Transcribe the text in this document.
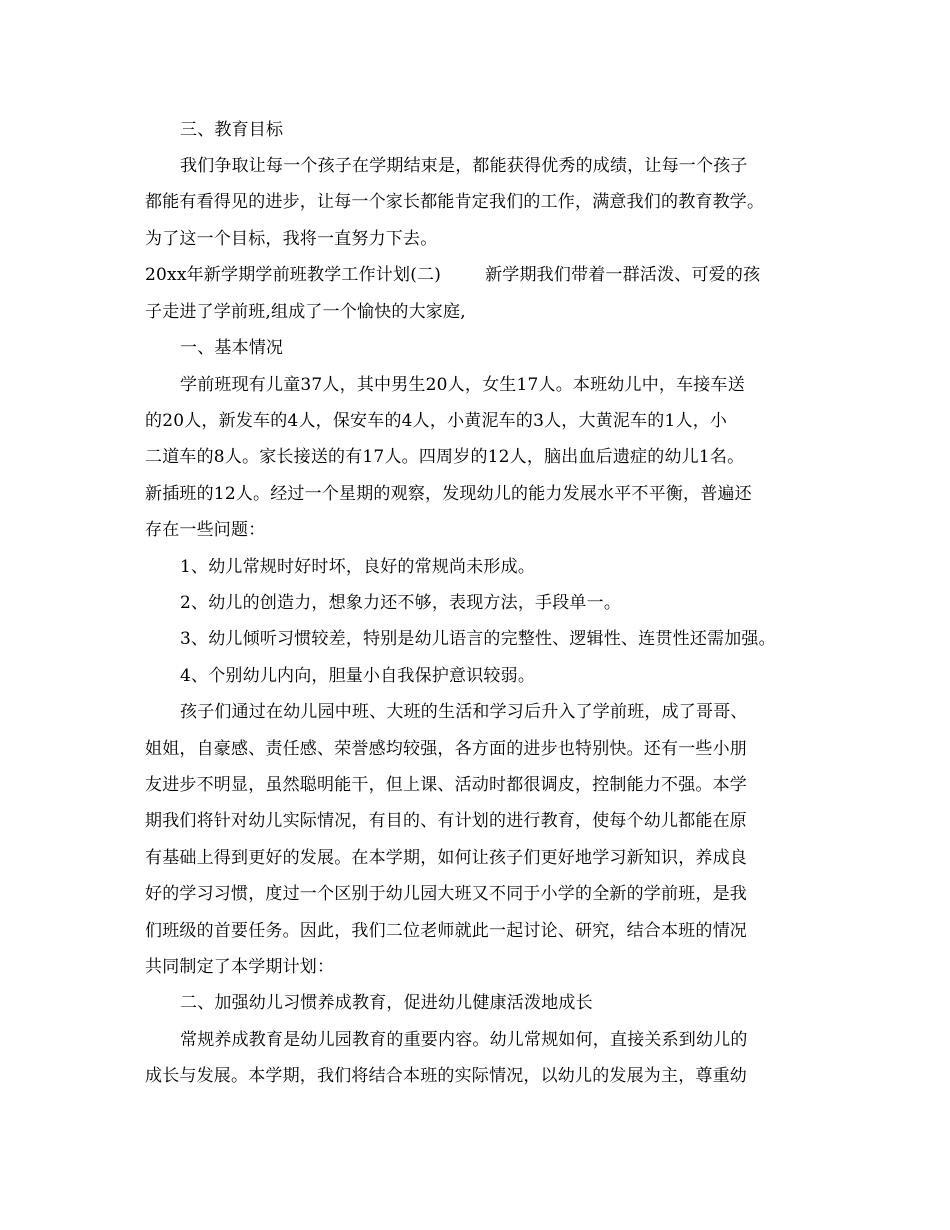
三、教育目标
我们争取让每一个孩子在学期结束是，都能获得优秀的成绩，让每一个孩子
都能有看得见的进步，让每一个家长都能肯定我们的工作，满意我们的教育教学。
为了这一个目标，我将一直努力下去。
20xx年新学期学前班教学工作计划(二)	新学期我们带着一群活泼、可爱的孩
子走进了学前班,组成了一个愉快的大家庭,
一、基本情况
学前班现有儿童37人，其中男生20人，女生17人。本班幼儿中，车接车送
的20人，新发车的4人，保安车的4人，小黄泥车的3人，大黄泥车的1人，小
二道车的8人。家长接送的有17人。四周岁的12人，脑出血后遗症的幼儿1名。
新插班的12人。经过一个星期的观察，发现幼儿的能力发展水平不平衡，普遍还
存在一些问题：
1、幼儿常规时好时坏，良好的常规尚未形成。
2、幼儿的创造力，想象力还不够，表现方法，手段单一。
3、幼儿倾听习惯较差，特别是幼儿语言的完整性、逻辑性、连贯性还需加强。
4、个别幼儿内向，胆量小自我保护意识较弱。
孩子们通过在幼儿园中班、大班的生活和学习后升入了学前班，成了哥哥、
姐姐，自豪感、责任感、荣誉感均较强，各方面的进步也特别快。还有一些小朋
友进步不明显，虽然聪明能干，但上课、活动时都很调皮，控制能力不强。本学
期我们将针对幼儿实际情况，有目的、有计划的进行教育，使每个幼儿都能在原
有基础上得到更好的发展。在本学期，如何让孩子们更好地学习新知识，养成良
好的学习习惯，度过一个区别于幼儿园大班又不同于小学的全新的学前班，是我
们班级的首要任务。因此，我们二位老师就此一起讨论、研究，结合本班的情况
共同制定了本学期计划：
二、加强幼儿习惯养成教育，促进幼儿健康活泼地成长
常规养成教育是幼儿园教育的重要内容。幼儿常规如何，直接关系到幼儿的
成长与发展。本学期，我们将结合本班的实际情况，以幼儿的发展为主，尊重幼
